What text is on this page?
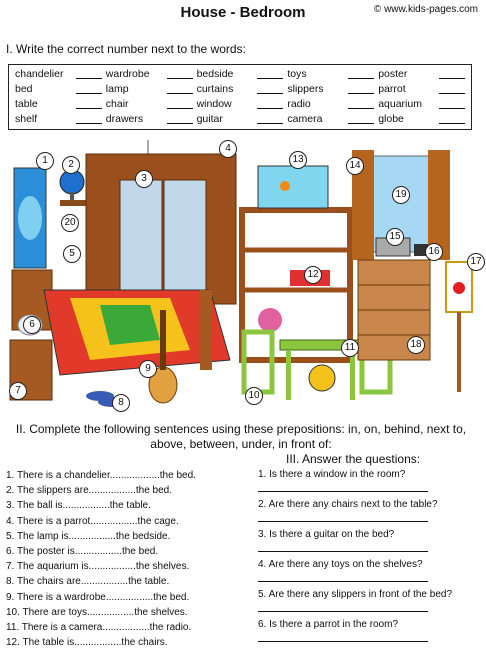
House - Bedroom	© www.kids-pages.com
I. Write the correct number next to the words:
chandelier	wardrobe	bedside	toys	poster
bed	lamp	curtains	slippers	parrot
table	chair	window	radio	aquarium
shelf	drawers	guitar	camera	globe
1	2
3
4
5
6
7
8
9
10
11
12
13
14
15
16
17
18
19
20
II. Complete the following sentences using these prepositions: in, on, behind, next to, above, between, under, in front of:
III. Answer the questions:
1. There is a chandelier..................the bed.
2. The slippers are.................the bed.
3. The ball is.................the table.
4. There is a parrot.................the cage.
5. The lamp is.................the bedside.
6. The poster is.................the bed.
7. The aquarium is.................the shelves.
8. The chairs are.................the table.
9. There is a wardrobe.................the bed.
10. There are toys.................the shelves.
11. There is a camera.................the radio.
12. The table is.................the chairs.
1. Is there a window in the room?
2. Are there any chairs next to the table?
3. Is there a guitar on the bed?
4. Are there any toys on the shelves?
5. Are there any slippers in front of the bed?
6. Is there a parrot in the room?
